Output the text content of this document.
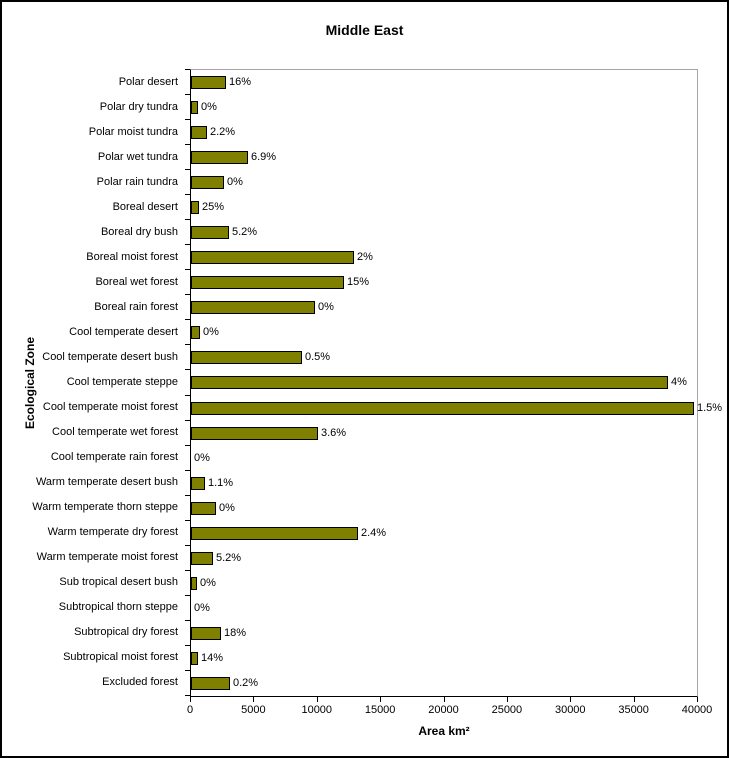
Middle East
Ecological Zone
16%
0%
2.2%
6.9%
0%
25%
5.2%
2%
15%
0%
0%
0.5%
4%
1.5%
3.6%
0%
1.1%
0%
2.4%
5.2%
0%
0%
18%
14%
0.2%
Polar desert
Polar dry tundra
Polar moist tundra
Polar wet tundra
Polar rain tundra
Boreal desert
Boreal dry bush
Boreal moist forest
Boreal wet forest
Boreal rain forest
Cool temperate desert
Cool temperate desert bush
Cool temperate steppe
Cool temperate moist forest
Cool temperate wet forest
Cool temperate rain forest
Warm temperate desert bush
Warm temperate thorn steppe
Warm temperate dry forest
Warm temperate moist forest
Sub tropical desert bush
Subtropical thorn steppe
Subtropical dry forest
Subtropical moist forest
Excluded forest
Area km²
0	5000	10000	15000	20000	25000	30000	35000	40000
